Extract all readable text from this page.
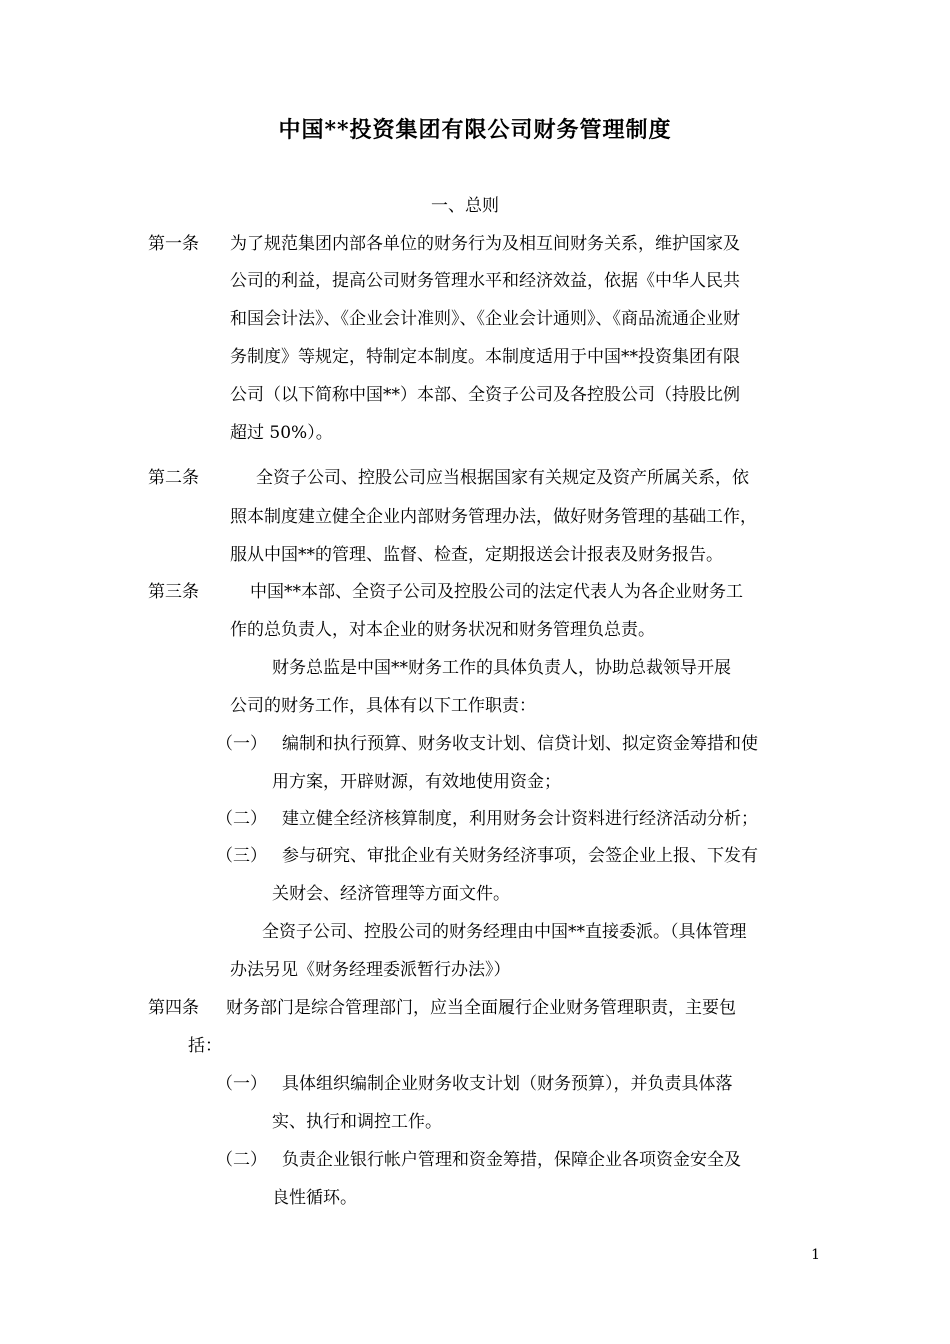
中国**投资集团有限公司财务管理制度
一、总则
第一条 为了规范集团内部各单位的财务行为及相互间财务关系，维护国家及
公司的利益，提高公司财务管理水平和经济效益，依据《中华人民共
和国会计法》、《企业会计准则》、《企业会计通则》、《商品流通企业财
务制度》等规定，特制定本制度。本制度适用于中国**投资集团有限
公司（以下简称中国**）本部、全资子公司及各控股公司（持股比例
超过 50%）。
第二条	全资子公司、控股公司应当根据国家有关规定及资产所属关系，依
照本制度建立健全企业内部财务管理办法，做好财务管理的基础工作，
服从中国**的管理、监督、检查，定期报送会计报表及财务报告。
第三条	中国**本部、全资子公司及控股公司的法定代表人为各企业财务工
作的总负责人，对本企业的财务状况和财务管理负总责。
财务总监是中国**财务工作的具体负责人，协助总裁领导开展
公司的财务工作，具体有以下工作职责：
（一） 编制和执行预算、财务收支计划、信贷计划、拟定资金筹措和使
用方案，开辟财源，有效地使用资金；
（二） 建立健全经济核算制度，利用财务会计资料进行经济活动分析；
（三） 参与研究、审批企业有关财务经济事项，会签企业上报、下发有
关财会、经济管理等方面文件。
全资子公司、控股公司的财务经理由中国**直接委派。（具体管理
办法另见《财务经理委派暂行办法》）
第四条 财务部门是综合管理部门，应当全面履行企业财务管理职责，主要包
括：
（一） 具体组织编制企业财务收支计划（财务预算），并负责具体落
实、执行和调控工作。
（二） 负责企业银行帐户管理和资金筹措，保障企业各项资金安全及
良性循环。
1
